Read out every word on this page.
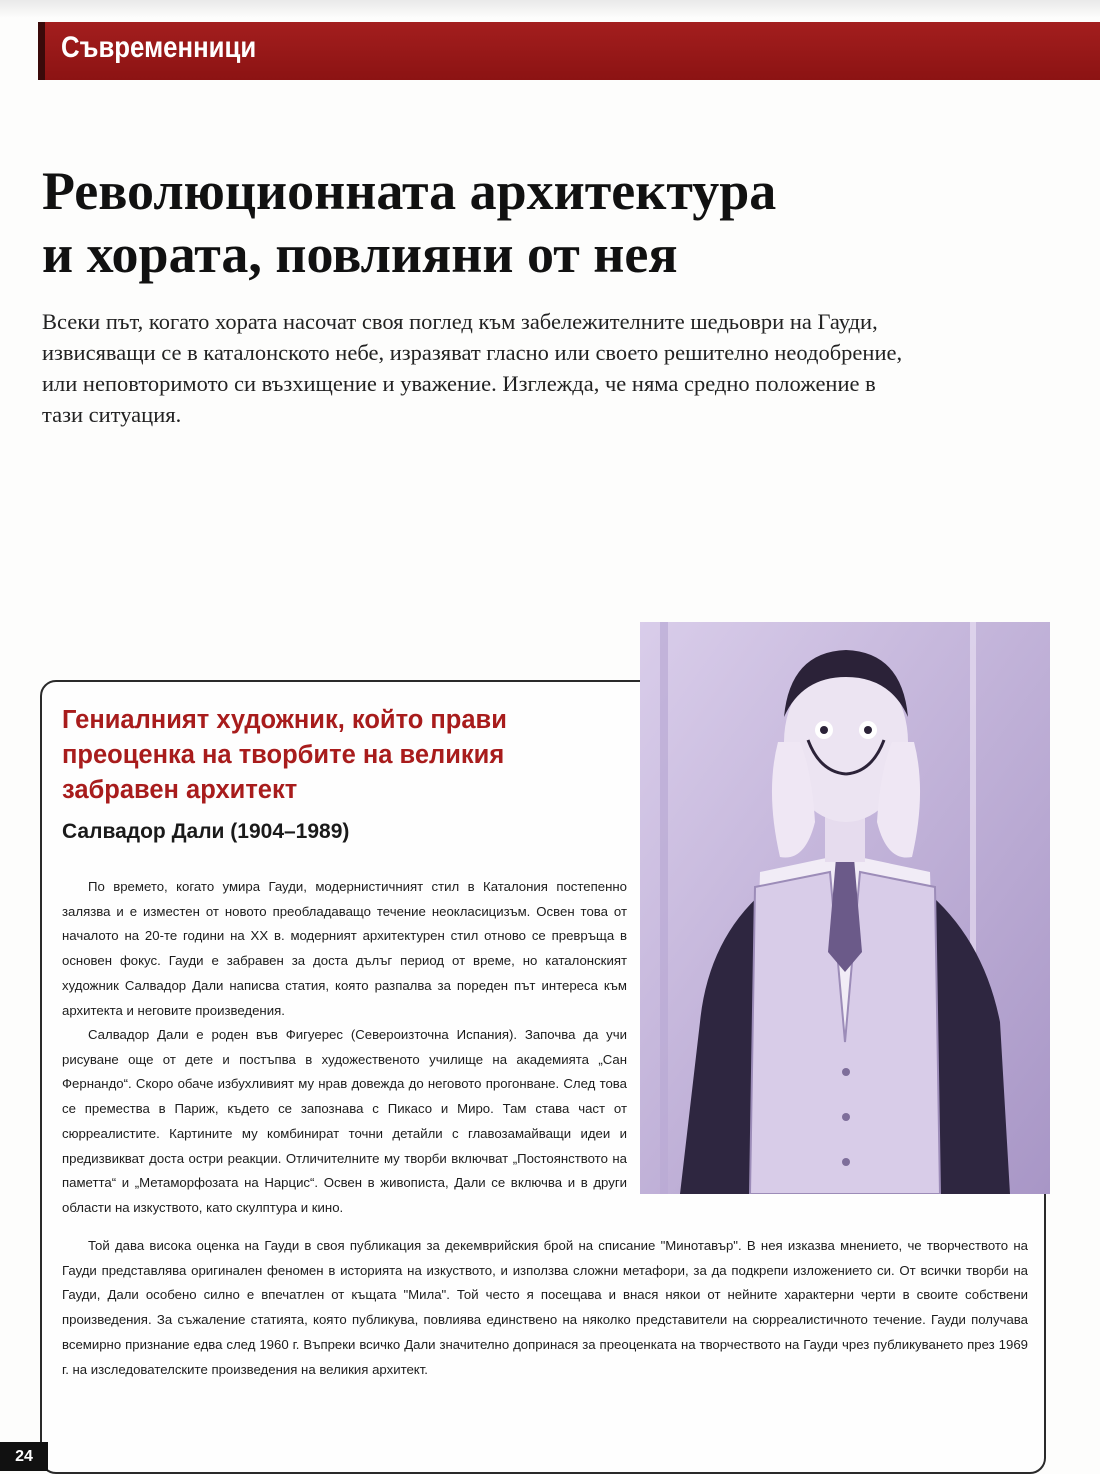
Съвременници
Революционната архитектура
и хората, повлияни от нея
Всеки път, когато хората насочат своя поглед към забележителните шедьоври на Гауди,
извисяващи се в каталонското небе, изразяват гласно или своето решително неодобрение,
или неповторимото си възхищение и уважение. Изглежда, че няма средно положение в
тази ситуация.
Гениалният художник, който прави
преоценка на творбите на великия
забравен архитект
Салвадор Дали (1904–1989)

По времето, когато умира Гауди, модернистичният стил в Каталония постепенно залязва и е изместен от новото преобладаващо течение неокласицизъм. Освен това от началото на 20-те години на XX в. модерният архитектурен стил отново се превръща в основен фокус. Гауди е забравен за доста дълъг период от време, но каталонският художник Салвадор Дали написва статия, която разпалва за пореден път интереса към архитекта и неговите произведения.

Салвадор Дали е роден във Фигуерес (Североизточна Испания). Започва да учи рисуване още от дете и постъпва в художественото училище на академията „Сан Фернандо“. Скоро обаче избухливият му нрав довежда до неговото прогонване. След това се премества в Париж, където се запознава с Пикасо и Миро. Там става част от сюрреалистите. Картините му комбинират точни детайли с главозамайващи идеи и предизвикват доста остри реакции. Отличителните му творби включват „Постоянството на паметта“ и „Метаморфозата на Нарцис“. Освен в живописта, Дали се включва и в други области на изкуството, като скулптура и кино.

Той дава висока оценка на Гауди в своя публикация за декемврийския брой на списание "Минотавър". В нея изказва мнението, че творчеството на Гауди представлява оригинален феномен в историята на изкуството, и използва сложни метафори, за да подкрепи изложението си. От всички творби на Гауди, Дали особено силно е впечатлен от къщата "Мила". Той често я посещава и внася някои от нейните характерни черти в своите собствени произведения. За съжаление статията, която публикува, повлиява единствено на няколко представители на сюрреалистичното течение. Гауди получава всемирно признание едва след 1960 г. Въпреки всичко Дали значително допринася за преоценката на творчеството на Гауди чрез публикуването през 1969 г. на изследователските произведения на великия архитект.

24
